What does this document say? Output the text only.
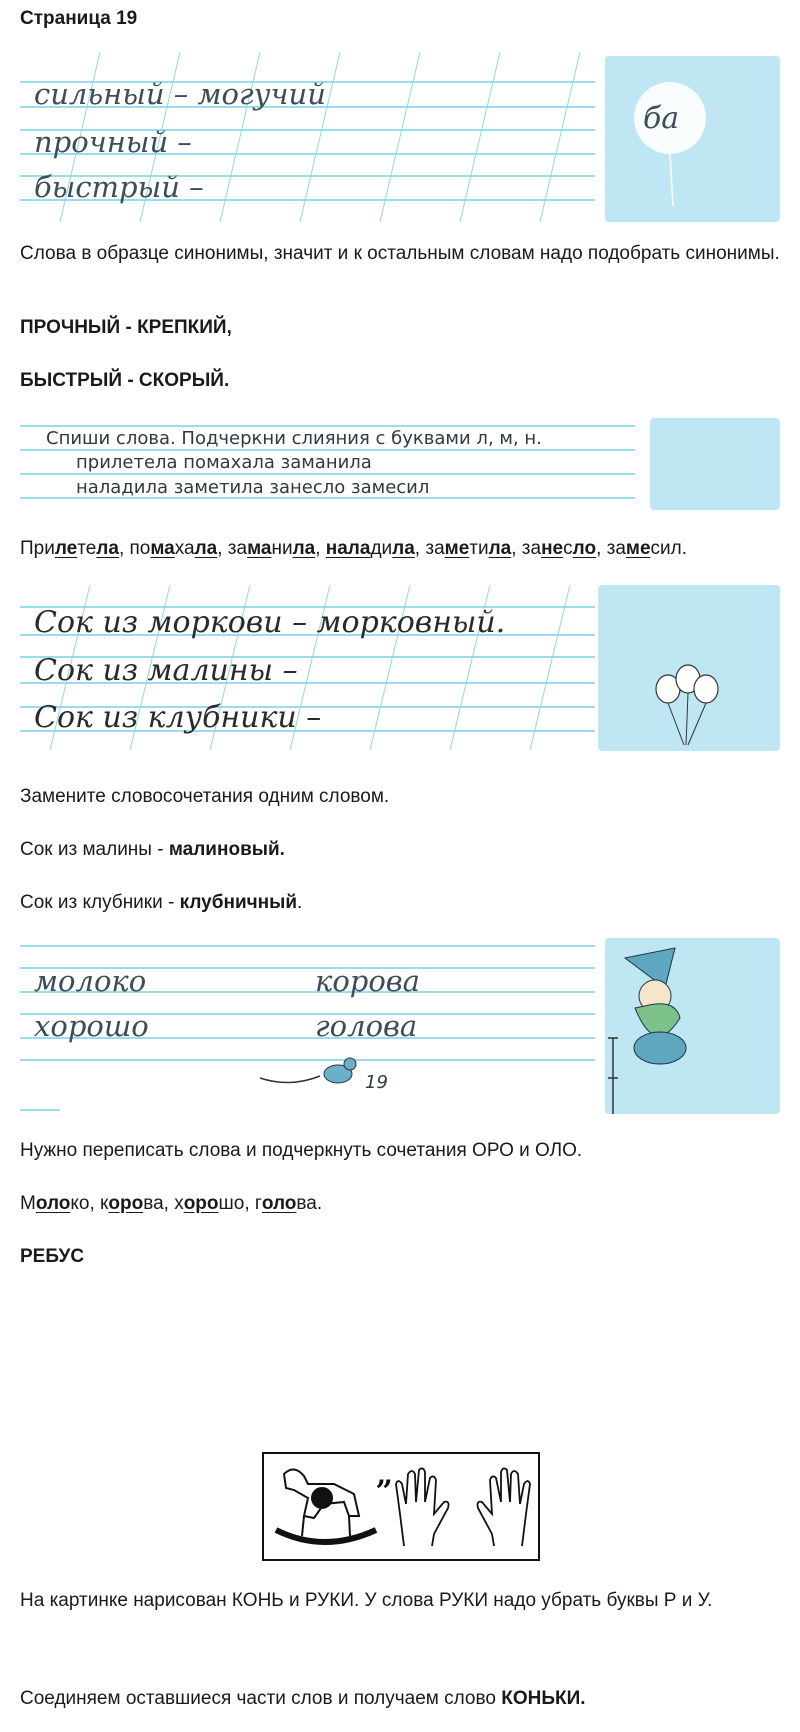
Страница 19
сильный – могучий
прочный –
быстрый –
ба
Слова в образце синонимы, значит и к остальным словам надо подобрать синонимы.
ПРОЧНЫЙ - КРЕПКИЙ,
БЫСТРЫЙ - СКОРЫЙ.
Спиши слова. Подчеркни слияния с буквами л, м, н.
прилетела помахала заманила
наладила заметила занесло замесил
Прилетела, помахала, заманила, наладила, заметила, занесло, замесил.
Сок из моркови – морковный.
Сок из малины –
Сок из клубники –
Замените словосочетания одним словом.
Сок из малины - малиновый.
Сок из клубники - клубничный.
молоко
хорошо
корова
голова
19
Нужно переписать слова и подчеркнуть сочетания ОРО и ОЛО.
Молоко, корова, хорошо, голова.
РЕБУС
„
На картинке нарисован КОНЬ и РУКИ. У слова РУКИ надо убрать буквы Р и У.
Соединяем оставшиеся части слов и получаем слово КОНЬКИ.
